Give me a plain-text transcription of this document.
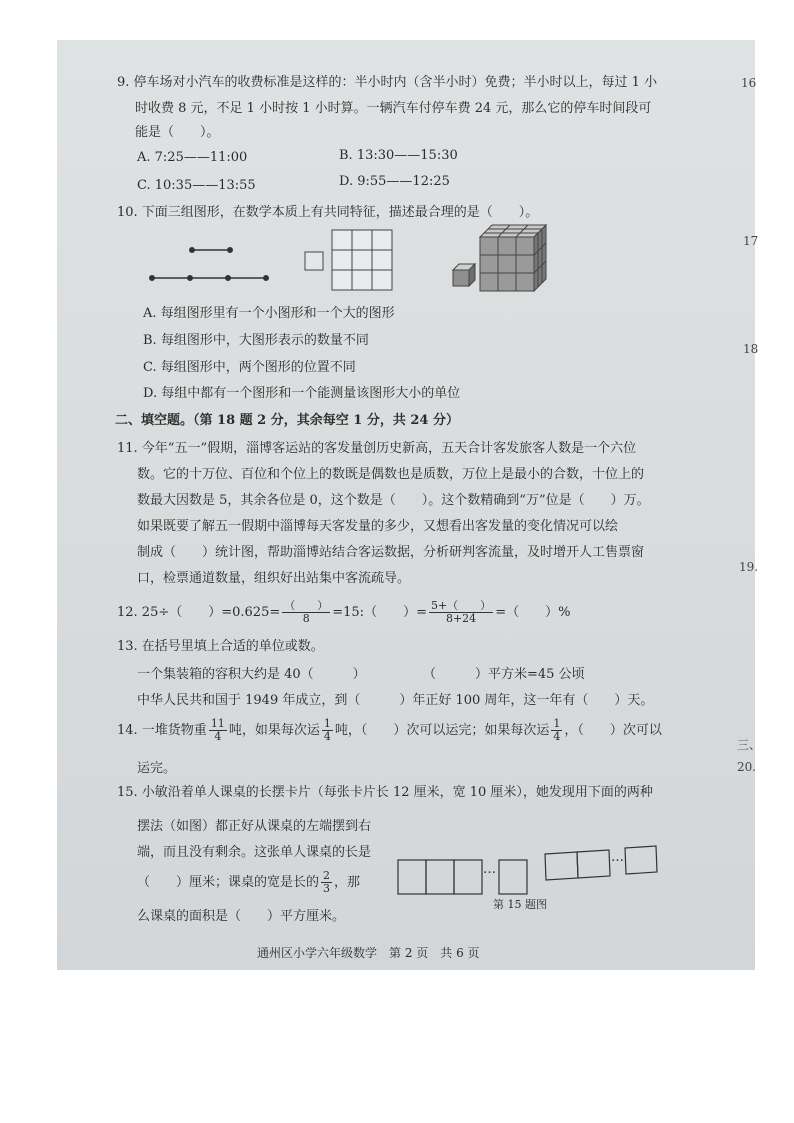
9. 停车场对小汽车的收费标准是这样的：半小时内（含半小时）免费；半小时以上，每过 1 小
时收费 8 元，不足 1 小时按 1 小时算。一辆汽车付停车费 24 元，那么它的停车时间段可
能是（　　）。
A. 7:25——11:00	B. 13:30——15:30
C. 10:35——13:55	D. 9:55——12:25
10. 下面三组图形，在数学本质上有共同特征，描述最合理的是（　　）。
A. 每组图形里有一个小图形和一个大的图形
B. 每组图形中，大图形表示的数量不同
C. 每组图形中，两个图形的位置不同
D. 每组中都有一个图形和一个能测量该图形大小的单位
二、填空题。（第 18 题 2 分，其余每空 1 分，共 24 分）
11. 今年“五一”假期，淄博客运站的客发量创历史新高，五天合计客发旅客人数是一个六位
数。它的十万位、百位和个位上的数既是偶数也是质数，万位上是最小的合数，十位上的
数最大因数是 5，其余各位是 0，这个数是（　　）。这个数精确到“万”位是（　　）万。
如果既要了解五一假期中淄博每天客发量的多少，又想看出客发量的变化情况可以绘
制成（　　）统计图，帮助淄博站结合客运数据，分析研判客流量，及时增开人工售票窗
口，检票通道数量，组织好出站集中客流疏导。
12. 25÷（　　）$=0.625= \frac{( )}{8}$ =15:（　　）= $\frac{5+( )}{8+24}$ =（　　）%
13. 在括号里填上合适的单位或数。
一个集装箱的容积大约是 40（　　　）	（　　　）平方米=45 公顷
中华人民共和国于 1949 年成立，到（　　　）年正好 100 周年，这一年有（　　）天。
14. 一堆货物重 $\frac{11}{4}$ 吨，如果每次运 $\frac{1}{4}$ 吨，（　　）次可以运完；如果每次运 $\frac{1}{4}$ ，（　　）次可以
运完。
15. 小敏沿着单人课桌的长摆卡片（每张卡片长 12 厘米，宽 10 厘米），她发现用下面的两种
摆法（如图）都正好从课桌的左端摆到右
端，而且没有剩余。这张单人课桌的长是
（　　）厘米；课桌的宽是长的 $\frac{2}{3}$ ，那
么课桌的面积是（　　）平方厘米。
…
…
第 15 题图
通州区小学六年级数学　第 2 页　共 6 页
16
17
18
19.
三、
20.
